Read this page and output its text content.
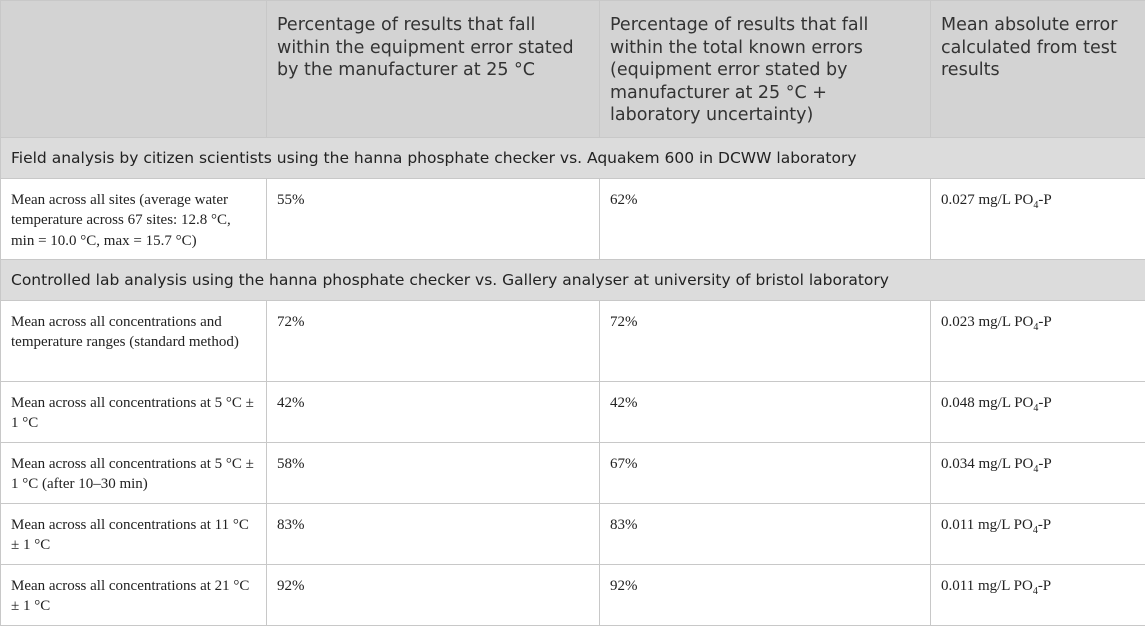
	Percentage of results that fall within the equipment error stated by the manufacturer at 25 °C	Percentage of results that fall within the total known errors (equipment error stated by manufacturer at 25 °C + laboratory uncertainty)	Mean absolute error calculated from test results
Field analysis by citizen scientists using the hanna phosphate checker vs. Aquakem 600 in DCWW laboratory			
Mean across all sites (average water temperature across 67 sites: 12.8 °C, min = 10.0 °C, max = 15.7 °C)	55%	62%	0.027 mg/L $PO_4-P$
Controlled lab analysis using the hanna phosphate checker vs. Gallery analyser at university of bristol laboratory			
Mean across all concentrations and temperature ranges (standard method)	72%	72%	0.023 mg/L $PO_4-P$
Mean across all concentrations at 5 °C ± 1 °C	42%	42%	0.048 mg/L $PO_4-P$
Mean across all concentrations at 5 °C ± 1 °C (after 10–30 min)	58%	67%	0.034 mg/L $PO_4-P$
Mean across all concentrations at 11 °C ± 1 °C	83%	83%	0.011 mg/L $PO_4-P$
Mean across all concentrations at 21 °C ± 1 °C	92%	92%	0.011 mg/L $PO_4-P$
